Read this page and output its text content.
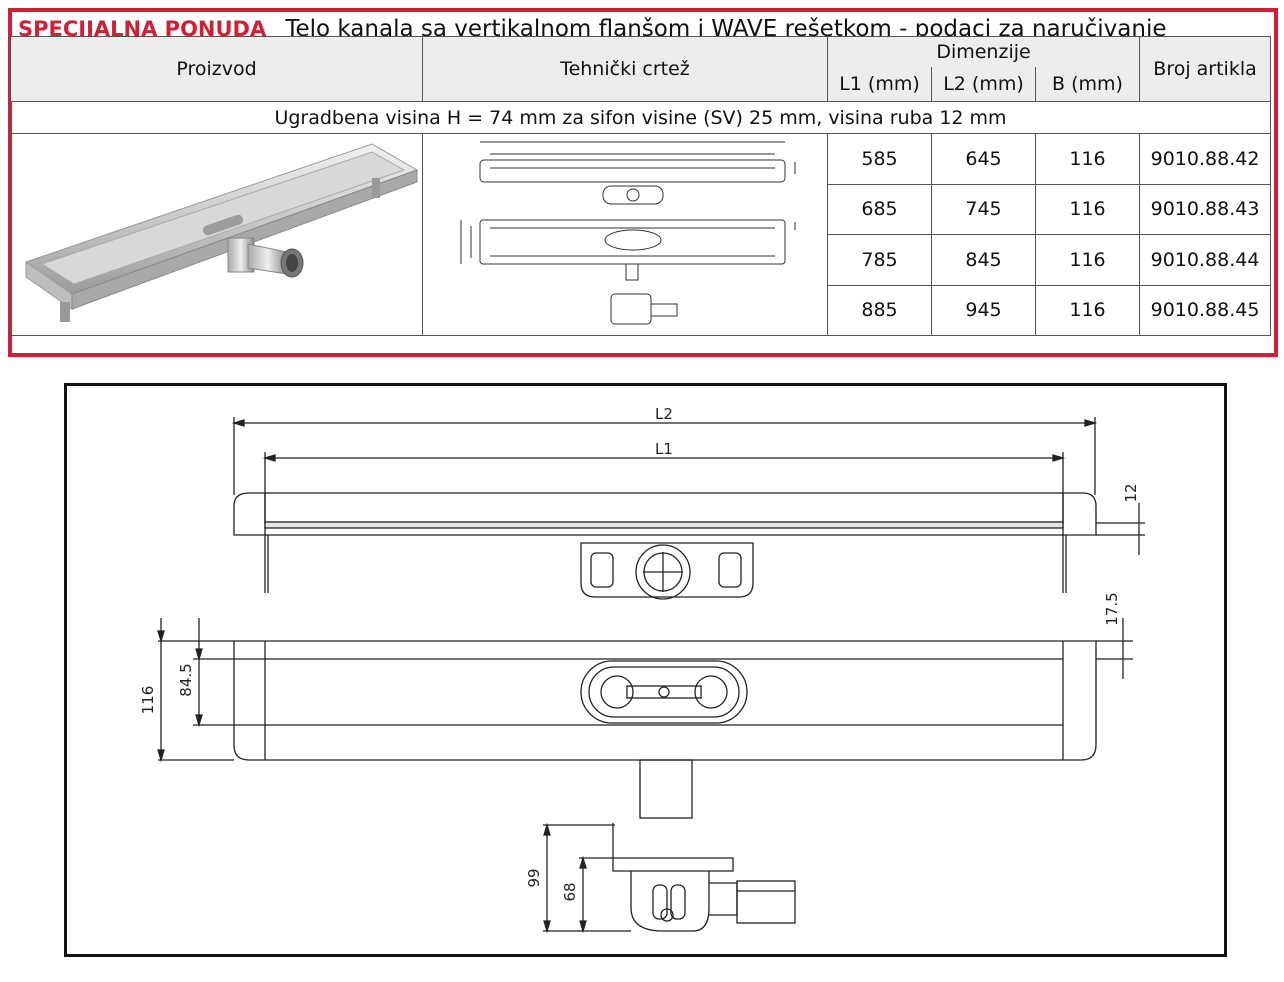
SPECIJALNA PONUDA Telo kanala sa vertikalnom flanšom i WAVE rešetkom - podaci za naručivanje
Proizvod	Tehnički crtež	Dimenzije			Broj artikla
		L1 (mm)	L2 (mm)	B (mm)	
Ugradbena visina H = 74 mm za sifon visine (SV) 25 mm, visina ruba 12 mm					
		585	645	116	9010.88.42
		685	745	116	9010.88.43
		785	845	116	9010.88.44
		885	945	116	9010.88.45
L2
L1
12
17.5
116
84.5
99
68
